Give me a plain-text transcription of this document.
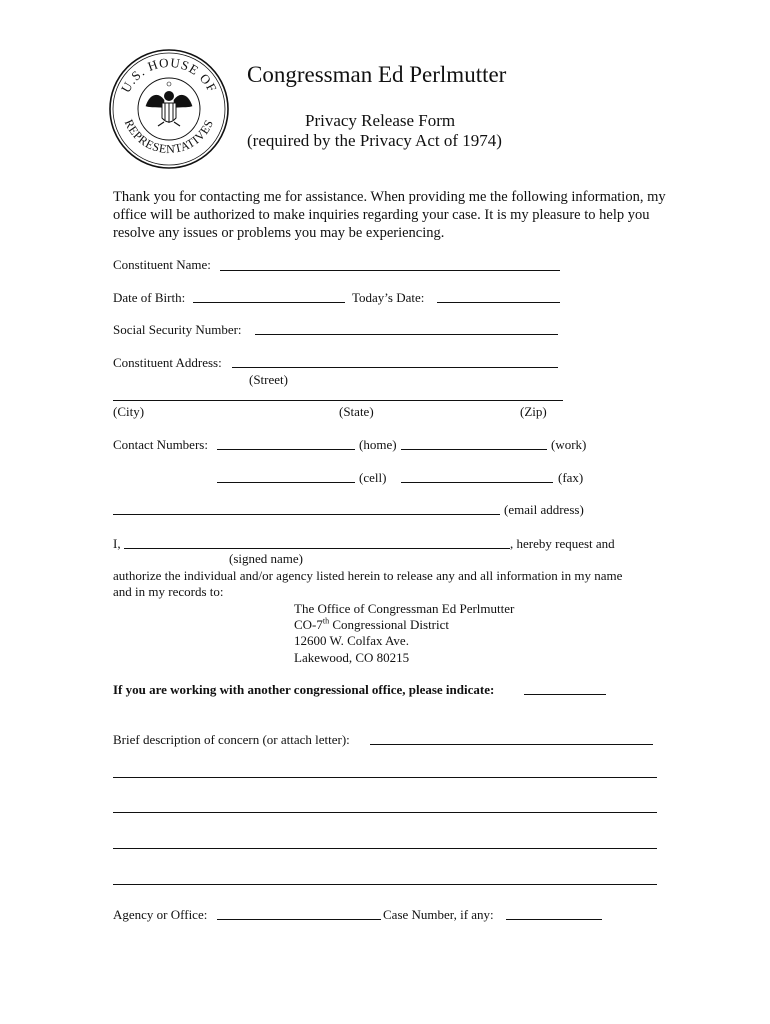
U.S. HOUSE OF
REPRESENTATIVES
Congressman Ed Perlmutter
Privacy Release Form
(required by the Privacy Act of 1974)
Thank you for contacting me for assistance. When providing me the following information, my office will be authorized to make inquiries regarding your case. It is my pleasure to help you resolve any issues or problems you may be experiencing.
Constituent Name:
Date of Birth:	Today’s Date:
Social Security Number:
Constituent Address:
(Street)
(City)	(State)	(Zip)
Contact Numbers:	(home)	(work)
(cell)	(fax)
(email address)
I,	, hereby request and
(signed name)
authorize the individual and/or agency listed herein to release any and all information in my name
and in my records to:
The Office of Congressman Ed Perlmutter
CO-7th Congressional District
12600 W. Colfax Ave.
Lakewood, CO 80215
If you are working with another congressional office, please indicate:
Brief description of concern (or attach letter):
Agency or Office:	Case Number, if any:
